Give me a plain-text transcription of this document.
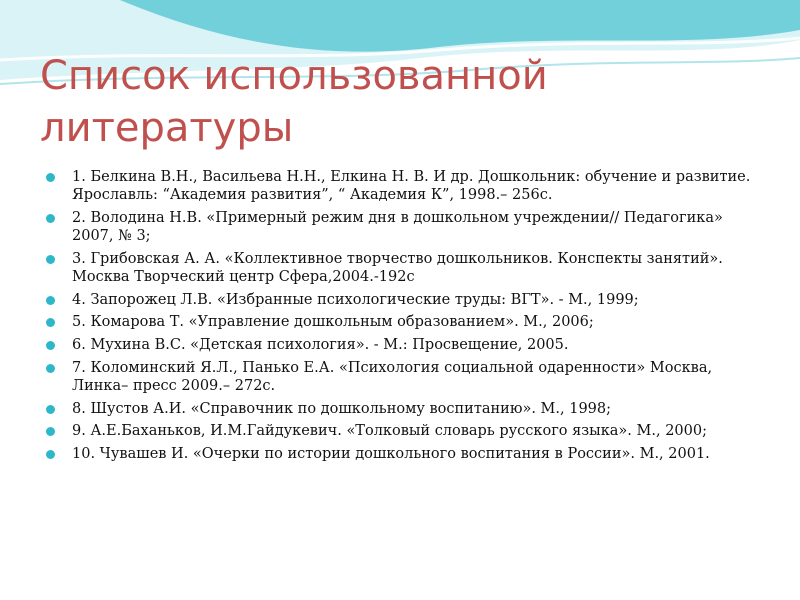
Список использованной литературы
1. Белкина В.Н., Васильева Н.Н., Елкина Н. В. И др. Дошкольник: обучение и развитие. Ярославль: “Академия развития”, “ Академия К”, 1998.– 256с.
2. Володина Н.В. «Примерный режим дня в дошкольном учреждении// Педагогика» 2007, № 3;
3. Грибовская А. А. «Коллективное творчество дошкольников. Конспекты занятий». Москва Творческий центр Сфера,2004.-192с
4. Запорожец Л.В. «Избранные психологические труды: ВГТ». - М., 1999;
5. Комарова Т. «Управление дошкольным образованием». М., 2006;
6. Мухина В.С. «Детская психология». - М.: Просвещение, 2005.
7. Коломинский Я.Л., Панько Е.А. «Психология социальной одаренности» Москва, Линка– пресс 2009.– 272с.
8. Шустов А.И. «Справочник по дошкольному воспитанию». М., 1998;
9. А.Е.Баханьков, И.М.Гайдукевич. «Толковый словарь русского языка». М., 2000;
10. Чувашев И. «Очерки по истории дошкольного воспитания в России». М., 2001.
